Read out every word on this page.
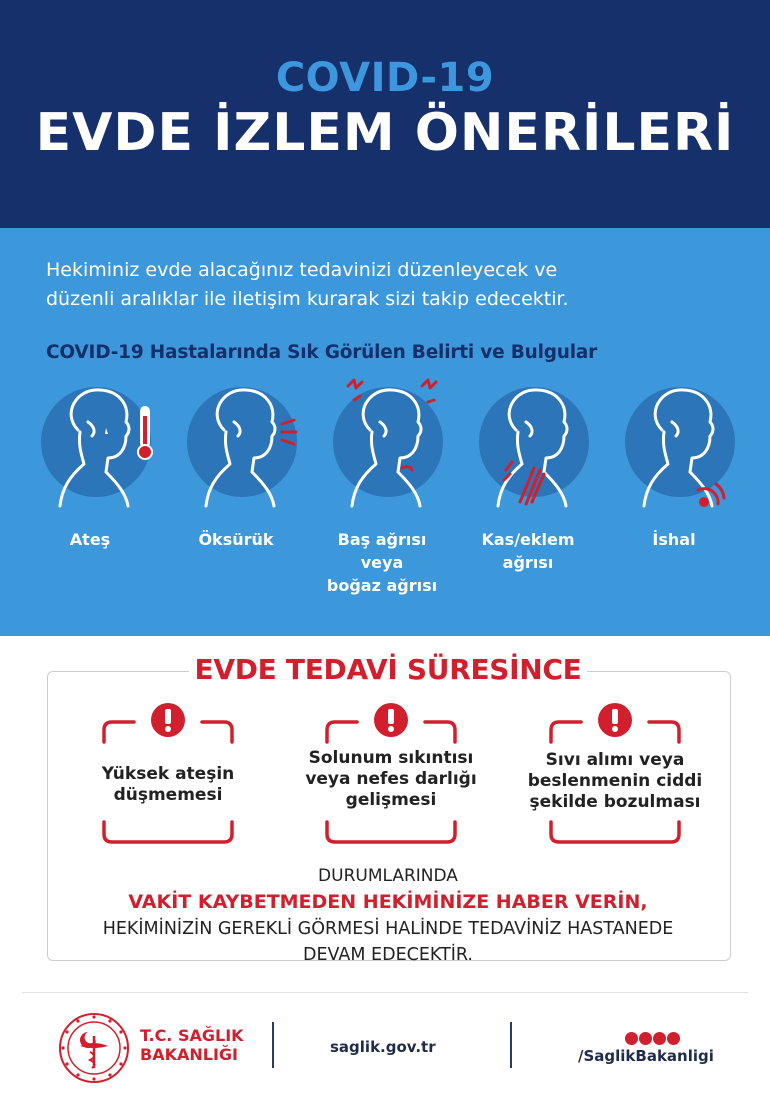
COVID-19
EVDE İZLEM ÖNERİLERİ
Hekiminiz evde alacağınız tedavinizi düzenleyecek ve
düzenli aralıklar ile iletişim kurarak sizi takip edecektir.
COVID-19 Hastalarında Sık Görülen Belirti ve Bulgular
Ateş	Öksürük	Baş ağrısı
veya
boğaz ağrısı
Kas/eklem
ağrısı
İshal
EVDE TEDAVİ SÜRESİNCE
Yüksek ateşin
düşmemesi
Solunum sıkıntısı
veya nefes darlığı
gelişmesi
Sıvı alımı veya
beslenmenin ciddi
şekilde bozulması
DURUMLARINDA
VAKİT KAYBETMEDEN HEKİMİNİZE HABER VERİN,
HEKİMİNİZİN GEREKLİ GÖRMESİ HALİNDE TEDAVİNİZ HASTANEDE
DEVAM EDECEKTİR.
T.C. SAĞLIK
BAKANLIĞI	saglik.gov.tr	/SaglikBakanligi
